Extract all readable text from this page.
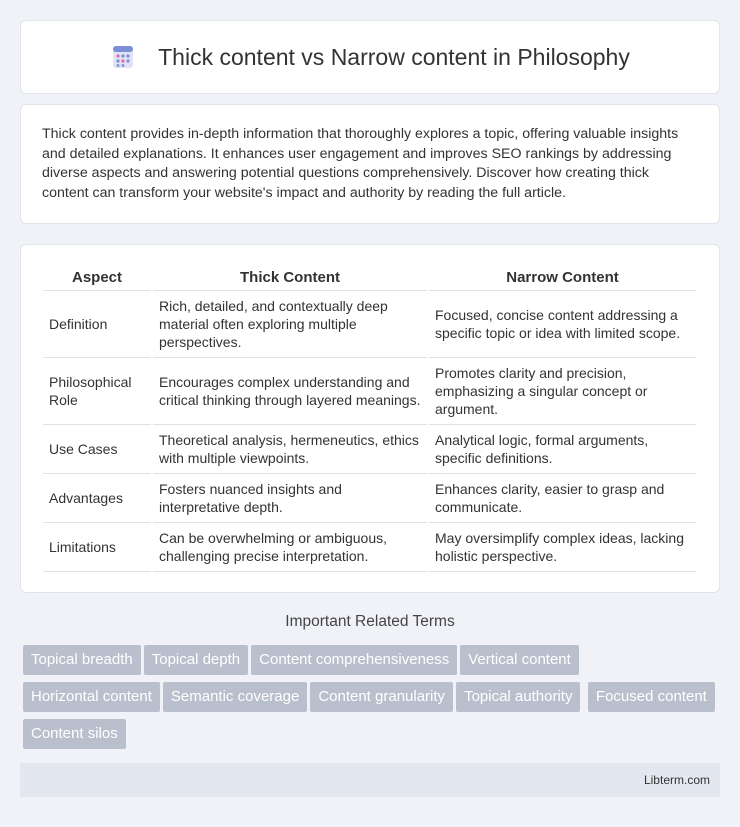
Thick content vs Narrow content in Philosophy

Thick content provides in-depth information that thoroughly explores a topic, offering valuable insights and detailed explanations. It enhances user engagement and improves SEO rankings by addressing diverse aspects and answering potential questions comprehensively. Discover how creating thick content can transform your website's impact and authority by reading the full article.

Aspect	Thick Content	Narrow Content
Definition	Rich, detailed, and contextually deep material often exploring multiple perspectives.	Focused, concise content addressing a specific topic or idea with limited scope.
Philosophical Role	Encourages complex understanding and critical thinking through layered meanings.	Promotes clarity and precision, emphasizing a singular concept or argument.
Use Cases	Theoretical analysis, hermeneutics, ethics with multiple viewpoints.	Analytical logic, formal arguments, specific definitions.
Advantages	Fosters nuanced insights and interpretative depth.	Enhances clarity, easier to grasp and communicate.
Limitations	Can be overwhelming or ambiguous, challenging precise interpretation.	May oversimplify complex ideas, lacking holistic perspective.
Important Related Terms
Topical breadth Topical depth Content comprehensiveness Vertical content Horizontal content Semantic coverage Content granularity Topical authority Focused contentContent silos
Libterm.com
